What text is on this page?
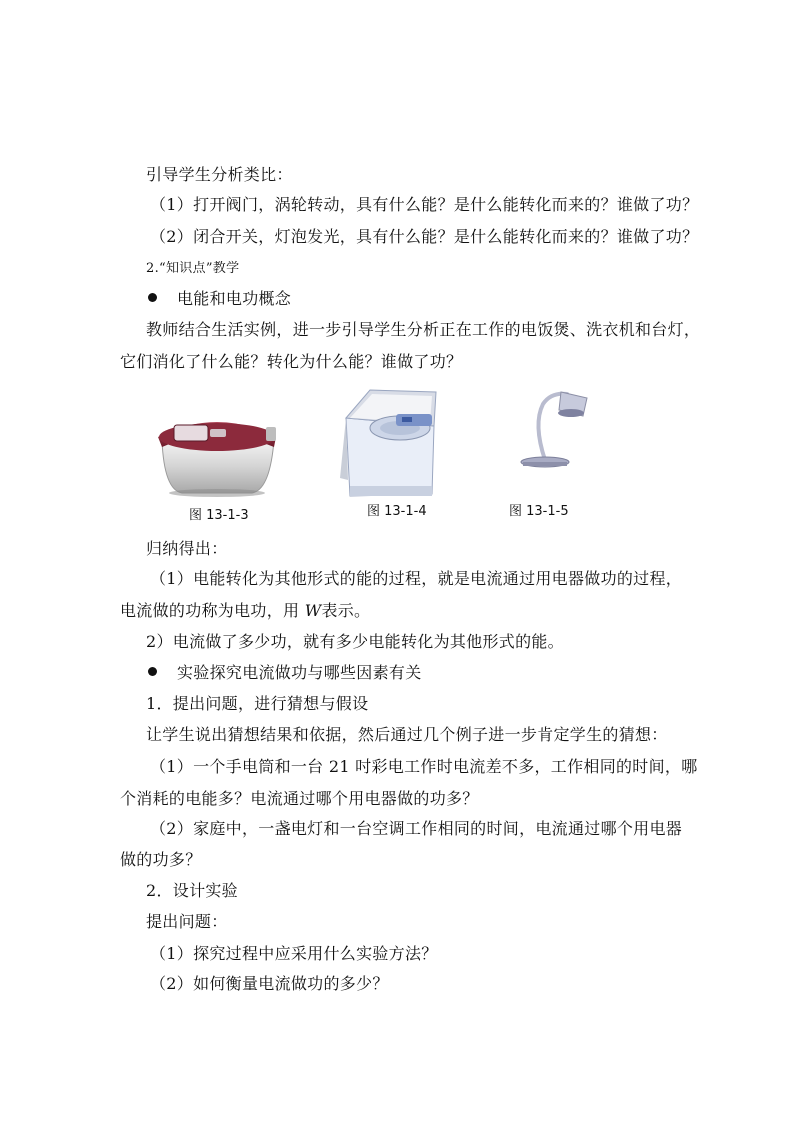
引导学生分析类比：
（1）打开阀门，涡轮转动，具有什么能？是什么能转化而来的？谁做了功？
（2）闭合开关，灯泡发光，具有什么能？是什么能转化而来的？谁做了功？
2.“知识点”教学
电能和电功概念
教师结合生活实例，进一步引导学生分析正在工作的电饭煲、洗衣机和台灯，
它们消化了什么能？转化为什么能？谁做了功？
图 13-1-3	图 13-1-4	图 13-1-5
归纳得出：
（1）电能转化为其他形式的能的过程，就是电流通过用电器做功的过程，
电流做的功称为电功，用 W表示。
2）电流做了多少功，就有多少电能转化为其他形式的能。
实验探究电流做功与哪些因素有关
1．提出问题，进行猜想与假设
让学生说出猜想结果和依据，然后通过几个例子进一步肯定学生的猜想：
（1）一个手电筒和一台 21 吋彩电工作时电流差不多，工作相同的时间，哪
个消耗的电能多？电流通过哪个用电器做的功多？
（2）家庭中，一盏电灯和一台空调工作相同的时间，电流通过哪个用电器
做的功多？
2．设计实验
提出问题：
（1）探究过程中应采用什么实验方法？
（2）如何衡量电流做功的多少？
